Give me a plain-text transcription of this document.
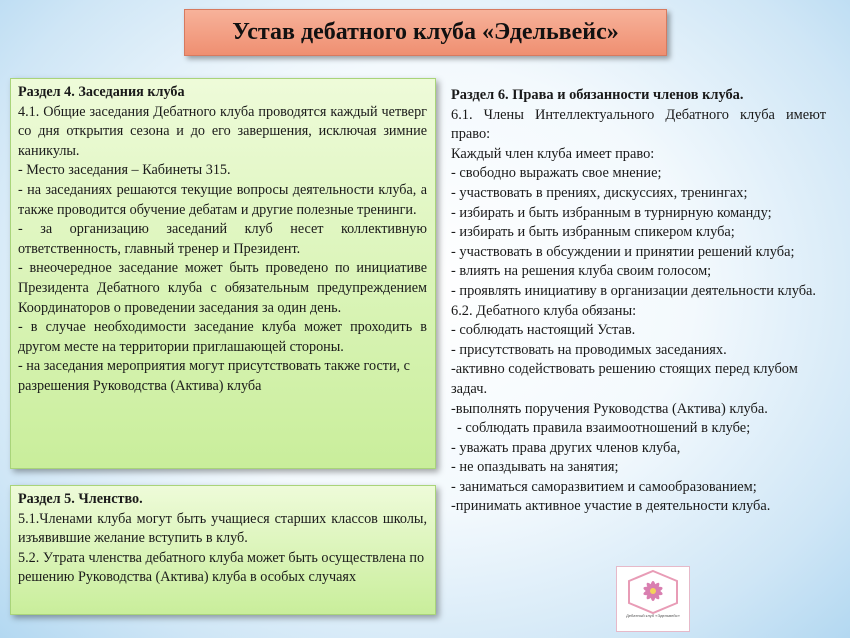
Устав дебатного клуба «Эдельвейс»

Раздел 4. Заседания клуба

4.1. Общие заседания Дебатного клуба проводятся каждый четверг со дня открытия сезона и до его завершения, исключая зимние каникулы.

- Место заседания – Кабинеты 315.

- на заседаниях решаются текущие вопросы деятельности клуба, а также проводится обучение дебатам и другие полезные тренинги.

- за организацию заседаний клуб несет коллективную ответственность, главный тренер и Президент.

- внеочередное заседание может быть проведено по инициативе Президента Дебатного клуба с обязательным предупреждением Координаторов о проведении заседания за один день.

- в случае необходимости заседание клуба может проходить в другом месте на территории приглашающей стороны.

- на заседания мероприятия могут присутствовать также гости, с разрешения Руководства (Актива) клуба

Раздел 5. Членство.

5.1.Членами клуба могут быть учащиеся старших классов школы, изъявившие желание вступить в клуб.

5.2. Утрата членства дебатного клуба может быть осуществлена по решению Руководства (Актива) клуба в особых случаях

Раздел 6. Права и обязанности членов клуба.

6.1. Члены Интеллектуального Дебатного клуба имеют право:

Каждый член клуба имеет право:

- свободно выражать свое мнение;

- участвовать в прениях, дискуссиях, тренингах;

- избирать и быть избранным в турнирную команду;

- избирать и быть избранным спикером клуба;

- участвовать в обсуждении и принятии решений клуба;

- влиять на решения клуба своим голосом;

- проявлять инициативу в организации деятельности клуба.

6.2. Дебатного клуба обязаны:

- соблюдать настоящий Устав.

- присутствовать на проводимых заседаниях.

-активно содействовать решению стоящих перед клубом задач.

-выполнять поручения Руководства (Актива) клуба.

- соблюдать правила взаимоотношений в клубе;

- уважать права других членов клуба,

- не опаздывать на занятия;

- заниматься саморазвитием и самообразованием;

-принимать активное участие в деятельности клуба.

Дебатный клуб «Эдельвейс»
